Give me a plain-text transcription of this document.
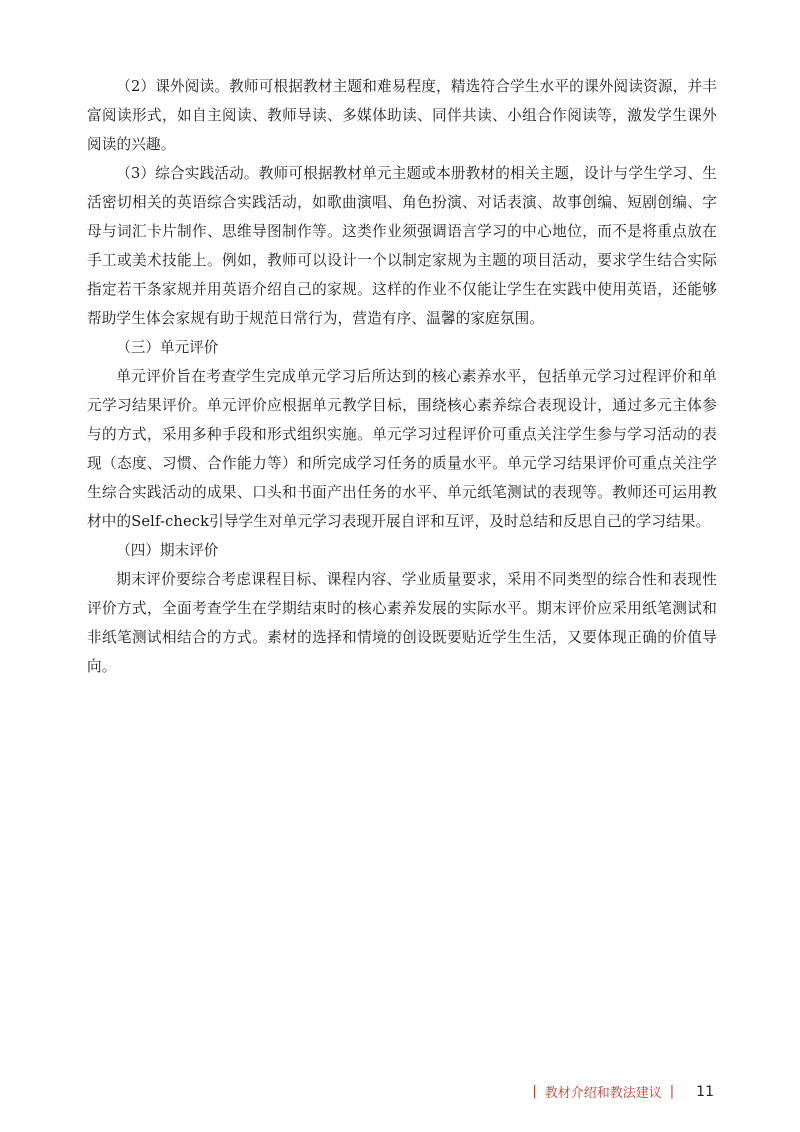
（2）课外阅读。教师可根据教材主题和难易程度，精选符合学生水平的课外阅读资源，并丰富阅读形式，如自主阅读、教师导读、多媒体助读、同伴共读、小组合作阅读等，激发学生课外阅读的兴趣。

（3）综合实践活动。教师可根据教材单元主题或本册教材的相关主题，设计与学生学习、生活密切相关的英语综合实践活动，如歌曲演唱、角色扮演、对话表演、故事创编、短剧创编、字母与词汇卡片制作、思维导图制作等。这类作业须强调语言学习的中心地位，而不是将重点放在手工或美术技能上。例如，教师可以设计一个以制定家规为主题的项目活动，要求学生结合实际指定若干条家规并用英语介绍自己的家规。这样的作业不仅能让学生在实践中使用英语，还能够帮助学生体会家规有助于规范日常行为，营造有序、温馨的家庭氛围。

（三）单元评价

单元评价旨在考查学生完成单元学习后所达到的核心素养水平，包括单元学习过程评价和单元学习结果评价。单元评价应根据单元教学目标，围绕核心素养综合表现设计，通过多元主体参与的方式，采用多种手段和形式组织实施。单元学习过程评价可重点关注学生参与学习活动的表现（态度、习惯、合作能力等）和所完成学习任务的质量水平。单元学习结果评价可重点关注学生综合实践活动的成果、口头和书面产出任务的水平、单元纸笔测试的表现等。教师还可运用教材中的Self-check引导学生对单元学习表现开展自评和互评，及时总结和反思自己的学习结果。

（四）期末评价

期末评价要综合考虑课程目标、课程内容、学业质量要求，采用不同类型的综合性和表现性评价方式，全面考查学生在学期结束时的核心素养发展的实际水平。期末评价应采用纸笔测试和非纸笔测试相结合的方式。素材的选择和情境的创设既要贴近学生生活，又要体现正确的价值导向。

| 教材介绍和教法建议 | 11
